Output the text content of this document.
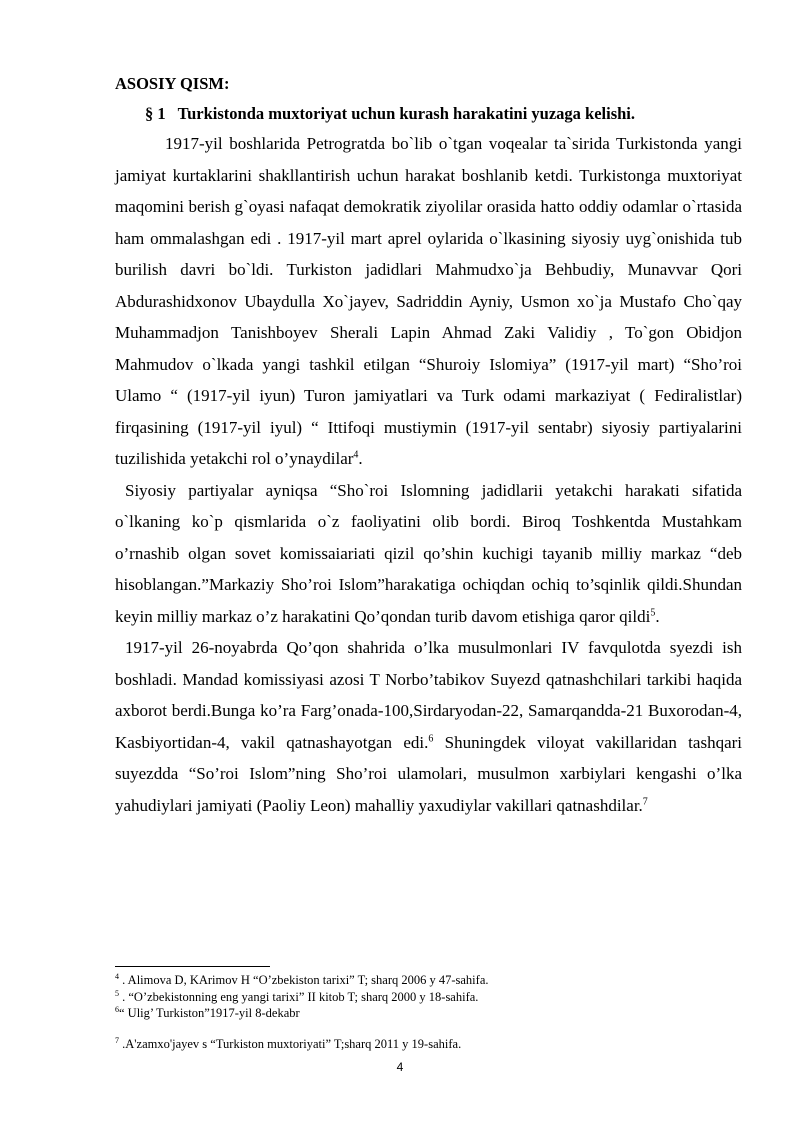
ASOSIY QISM:
§ 1 Turkistonda muxtoriyat uchun kurash harakatini yuzaga kelishi.

1917-yil boshlarida Petrogratda bo`lib o`tgan voqealar ta`sirida Turkistonda yangi jamiyat kurtaklarini shakllantirish uchun harakat boshlanib ketdi. Turkistonga muxtoriyat maqomini berish g`oyasi nafaqat demokratik ziyolilar orasida hatto oddiy odamlar o`rtasida ham ommalashgan edi . 1917-yil mart aprel oylarida o`lkasining siyosiy uyg`onishida tub burilish davri bo`ldi. Turkiston jadidlari Mahmudxo`ja Behbudiy, Munavvar Qori Abdurashidxonov Ubaydulla Xo`jayev, Sadriddin Ayniy, Usmon xo`ja Mustafo Cho`qay Muhammadjon Tanishboyev Sherali Lapin Ahmad Zaki Validiy , To`gon Obidjon Mahmudov o`lkada yangi tashkil etilgan “Shuroiy Islomiya” (1917-yil mart) “Sho’roi Ulamo “ (1917-yil iyun) Turon jamiyatlari va Turk odami markaziyat ( Fediralistlar) firqasining (1917-yil iyul) “ Ittifoqi mustiymin (1917-yil sentabr) siyosiy partiyalarini tuzilishida yetakchi rol o’ynaydilar$^4$.

Siyosiy partiyalar ayniqsa “Sho`roi Islomning jadidlarii yetakchi harakati sifatida o`lkaning ko`p qismlarida o`z faoliyatini olib bordi. Biroq Toshkentda Mustahkam o’rnashib olgan sovet komissaiariati qizil qo’shin kuchigi tayanib milliy markaz “deb hisoblangan.”Markaziy Sho’roi Islom”harakatiga ochiqdan ochiq to’sqinlik qildi.Shundan keyin milliy markaz o’z harakatini Qo’qondan turib davom etishiga qaror qildi$^5$.

1917-yil 26-noyabrda Qo’qon shahrida o’lka musulmonlari IV favqulotda syezdi ish boshladi. Mandad komissiyasi azosi T Norbo’tabikov Suyezd qatnashchilari tarkibi haqida axborot berdi.Bunga ko’ra Farg’onada-100,Sirdaryodan-22, Samarqandda-21 Buxorodan-4, Kasbiyortidan-4, vakil qatnashayotgan edi.$^6$ Shuningdek viloyat vakillaridan tashqari suyezdda “So’roi Islom”ning Sho’roi ulamolari, musulmon xarbiylari kengashi o’lka yahudiylari jamiyati (Paoliy Leon) mahalliy yaxudiylar vakillari qatnashdilar.$^7$

$^4$ . Alimova D, KArimov H “O’zbekiston tarixi” T; sharq 2006 y 47-sahifa.
$^5$ . “O’zbekistonning eng yangi tarixi” II kitob T; sharq 2000 y 18-sahifa.
$^6$“ Ulig’ Turkiston”1917-yil 8-dekabr
$^7$ .A'zamxo'jayev s “Turkiston muxtoriyati” T;sharq 2011 y 19-sahifa.
4
